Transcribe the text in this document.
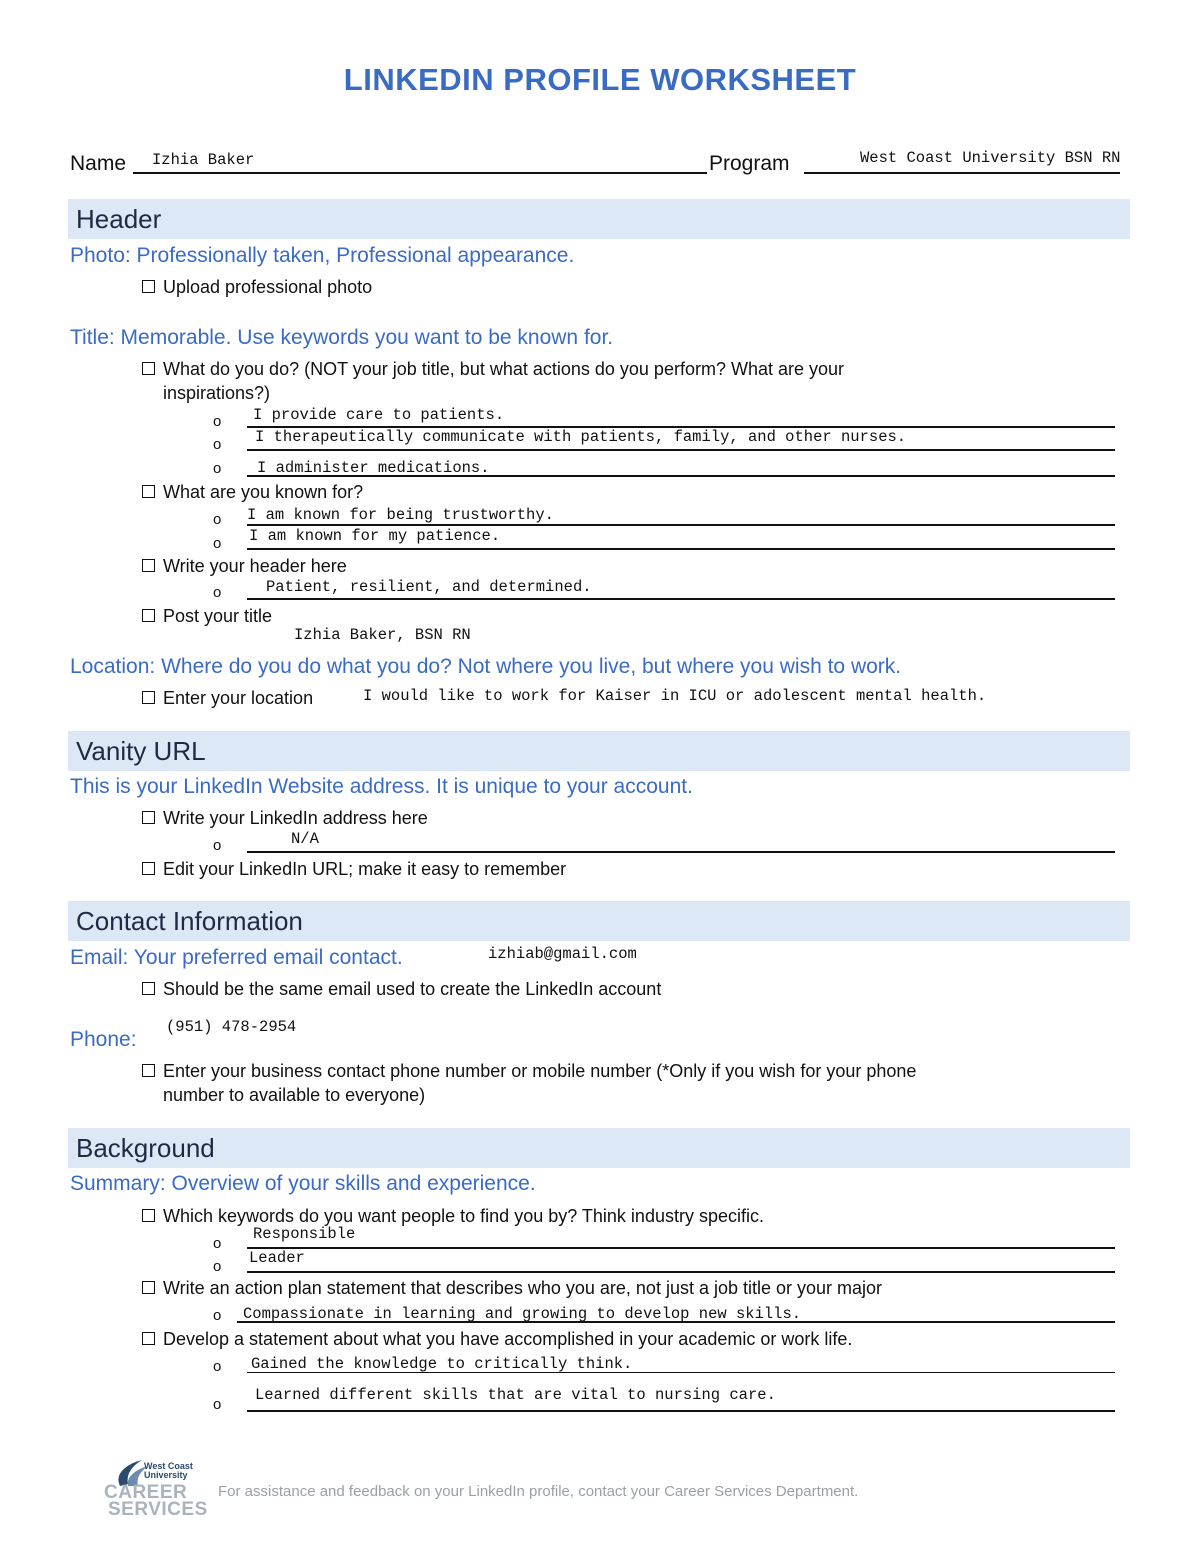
LINKEDIN PROFILE WORKSHEET
Name Izhia Baker	Program	West Coast University BSN RN
Header
Photo: Professionally taken, Professional appearance.
Upload professional photo
Title: Memorable. Use keywords you want to be known for.
What do you do? (NOT your job title, but what actions do you perform? What are your
inspirations?)
o I provide care to patients.
o I therapeutically communicate with patients, family, and other nurses.
o I administer medications.
What are you known for?
o I am known for being trustworthy.
o I am known for my patience.
Write your header here
o	Patient, resilient, and determined.
Post your title
Izhia Baker, BSN RN
Location: Where do you do what you do? Not where you live, but where you wish to work.
Enter your location	I would like to work for Kaiser in ICU or adolescent mental health.
Vanity URL
This is your LinkedIn Website address. It is unique to your account.
Write your LinkedIn address here
o	N/A
Edit your LinkedIn URL; make it easy to remember
Contact Information
Email: Your preferred email contact.	izhiab@gmail.com
Should be the same email used to create the LinkedIn account
Phone:
(951) 478-2954
Enter your business contact phone number or mobile number (*Only if you wish for your phone
number to available to everyone)
Background
Summary: Overview of your skills and experience.
Which keywords do you want people to find you by? Think industry specific.
o
Responsible
o Leader
Write an action plan statement that describes who you are, not just a job title or your major
o Compassionate in learning and growing to develop new skills.
Develop a statement about what you have accomplished in your academic or work life.
o Gained the knowledge to critically think.
o
Learned different skills that are vital to nursing care.
West Coast
University
CAREER
SERVICES
For assistance and feedback on your LinkedIn profile, contact your Career Services Department.
